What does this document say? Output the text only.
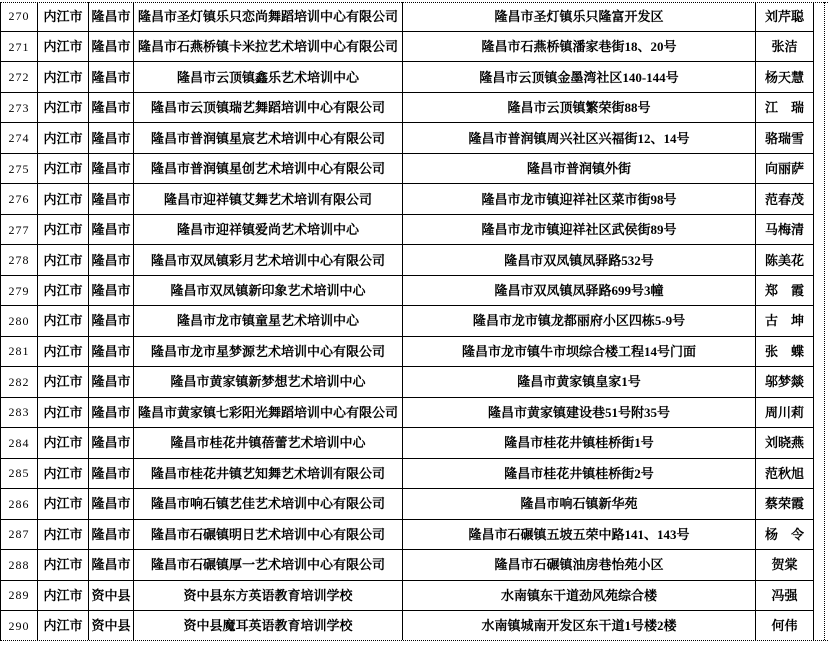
270	内江市	隆昌市	隆昌市圣灯镇乐只恋尚舞蹈培训中心有限公司	隆昌市圣灯镇乐只隆富开发区	刘芹聪
271	内江市	隆昌市	隆昌市石燕桥镇卡米拉艺术培训中心有限公司	隆昌市石燕桥镇潘家巷街18、20号	张洁
272	内江市	隆昌市	隆昌市云顶镇鑫乐艺术培训中心	隆昌市云顶镇金墨湾社区140-144号	杨天慧
273	内江市	隆昌市	隆昌市云顶镇瑞艺舞蹈培训中心有限公司	隆昌市云顶镇繁荣街88号	江　瑞
274	内江市	隆昌市	隆昌市普润镇星宸艺术培训中心有限公司	隆昌市普润镇周兴社区兴福街12、14号	骆瑞雪
275	内江市	隆昌市	隆昌市普润镇星创艺术培训中心有限公司	隆昌市普润镇外街	向丽萨
276	内江市	隆昌市	隆昌市迎祥镇艾舞艺术培训有限公司	隆昌市龙市镇迎祥社区菜市街98号	范春茂
277	内江市	隆昌市	隆昌市迎祥镇爱尚艺术培训中心	隆昌市龙市镇迎祥社区武侯街89号	马梅清
278	内江市	隆昌市	隆昌市双凤镇彩月艺术培训中心有限公司	隆昌市双凤镇凤驿路532号	陈美花
279	内江市	隆昌市	隆昌市双凤镇新印象艺术培训中心	隆昌市双凤镇凤驿路699号3幢	郑　霞
280	内江市	隆昌市	隆昌市龙市镇童星艺术培训中心	隆昌市龙市镇龙都丽府小区四栋5-9号	古　坤
281	内江市	隆昌市	隆昌市龙市星梦源艺术培训中心有限公司	隆昌市龙市镇牛市坝综合楼工程14号门面	张　蝶
282	内江市	隆昌市	隆昌市黄家镇新梦想艺术培训中心	隆昌市黄家镇皇家1号	邬梦燚
283	内江市	隆昌市	隆昌市黄家镇七彩阳光舞蹈培训中心有限公司	隆昌市黄家镇建设巷51号附35号	周川莉
284	内江市	隆昌市	隆昌市桂花井镇蓓蕾艺术培训中心	隆昌市桂花井镇桂桥街1号	刘晓燕
285	内江市	隆昌市	隆昌市桂花井镇艺知舞艺术培训有限公司	隆昌市桂花井镇桂桥街2号	范秋旭
286	内江市	隆昌市	隆昌市响石镇艺佳艺术培训中心有限公司	隆昌市响石镇新华苑	蔡荣霞
287	内江市	隆昌市	隆昌市石碾镇明日艺术培训中心有限公司	隆昌市石碾镇五坡五荣中路141、143号	杨　令
288	内江市	隆昌市	隆昌市石碾镇厚一艺术培训中心有限公司	隆昌市石碾镇油房巷怡苑小区	贺棠
289	内江市	资中县	资中县东方英语教育培训学校	水南镇东干道劲风苑综合楼	冯强
290	内江市	资中县	资中县魔耳英语教育培训学校	水南镇城南开发区东干道1号楼2楼	何伟
